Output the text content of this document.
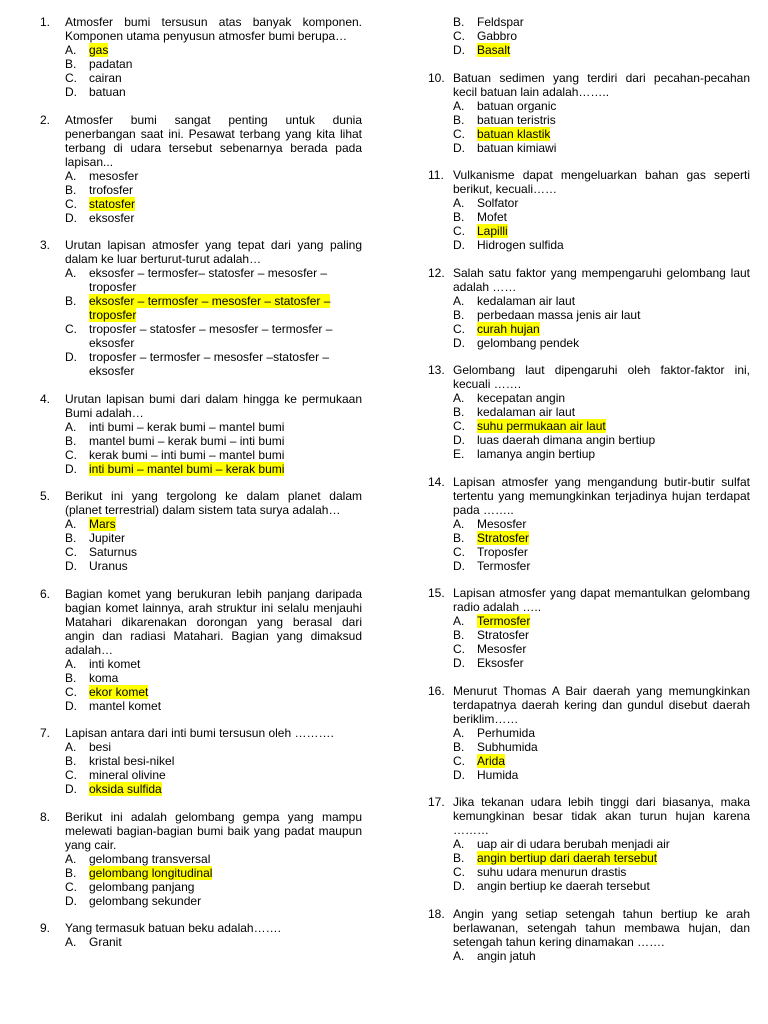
1. Atmosfer bumi tersusun atas banyak komponen. Komponen utama penyusun atmosfer bumi berupa…
A. gas
B. padatan
C. cairan
D. batuan
2. Atmosfer bumi sangat penting untuk dunia penerbangan saat ini. Pesawat terbang yang kita lihat terbang di udara tersebut sebenarnya berada pada lapisan...
A. mesosfer
B. trofosfer
C. statosfer
D. eksosfer
3. Urutan lapisan atmosfer yang tepat dari yang paling dalam ke luar berturut-turut adalah…
A. eksosfer – termosfer– statosfer – mesosfer – troposfer
B. eksosfer – termosfer – mesosfer – statosfer – troposfer
C. troposfer – statosfer – mesosfer – termosfer – eksosfer
D. troposfer – termosfer – mesosfer –statosfer – eksosfer
4. Urutan lapisan bumi dari dalam hingga ke permukaan Bumi adalah…
A. inti bumi – kerak bumi – mantel bumi
B. mantel bumi – kerak bumi – inti bumi
C. kerak bumi – inti bumi – mantel bumi
D. inti bumi – mantel bumi – kerak bumi
5. Berikut ini yang tergolong ke dalam planet dalam (planet terrestrial) dalam sistem tata surya adalah…
A. Mars
B. Jupiter
C. Saturnus
D. Uranus
6. Bagian komet yang berukuran lebih panjang daripada bagian komet lainnya, arah struktur ini selalu menjauhi Matahari dikarenakan dorongan yang berasal dari angin dan radiasi Matahari. Bagian yang dimaksud adalah…
A. inti komet
B. koma
C. ekor komet
D. mantel komet
7. Lapisan antara dari inti bumi tersusun oleh ……….
A. besi
B. kristal besi-nikel
C. mineral olivine
D. oksida sulfida
8. Berikut ini adalah gelombang gempa yang mampu melewati bagian-bagian bumi baik yang padat maupun yang cair.
A. gelombang transversal
B. gelombang longitudinal
C. gelombang panjang
D. gelombang sekunder
9. Yang termasuk batuan beku adalah…….
A. Granit
B. Feldspar
C. Gabbro
D. Basalt
10. Batuan sedimen yang terdiri dari pecahan-pecahan kecil batuan lain adalah……..
A. batuan organic
B. batuan teristris
C. batuan klastik
D. batuan kimiawi
11. Vulkanisme dapat mengeluarkan bahan gas seperti berikut, kecuali……
A. Solfator
B. Mofet
C. Lapilli
D. Hidrogen sulfida
12. Salah satu faktor yang mempengaruhi gelombang laut adalah ……
A. kedalaman air laut
B. perbedaan massa jenis air laut
C. curah hujan
D. gelombang pendek
13. Gelombang laut dipengaruhi oleh faktor-faktor ini, kecuali …….
A. kecepatan angin
B. kedalaman air laut
C. suhu permukaan air laut
D. luas daerah dimana angin bertiup
E. lamanya angin bertiup
14. Lapisan atmosfer yang mengandung butir-butir sulfat tertentu yang memungkinkan terjadinya hujan terdapat pada ……..
A. Mesosfer
B. Stratosfer
C. Troposfer
D. Termosfer
15. Lapisan atmosfer yang dapat memantulkan gelombang radio adalah …..
A. Termosfer
B. Stratosfer
C. Mesosfer
D. Eksosfer
16. Menurut Thomas A Bair daerah yang memungkinkan terdapatnya daerah kering dan gundul disebut daerah beriklim……
A. Perhumida
B. Subhumida
C. Arida
D. Humida
17. Jika tekanan udara lebih tinggi dari biasanya, maka kemungkinan besar tidak akan turun hujan karena ………
A. uap air di udara berubah menjadi air
B. angin bertiup dari daerah tersebut
C. suhu udara menurun drastis
D. angin bertiup ke daerah tersebut
18. Angin yang setiap setengah tahun bertiup ke arah berlawanan, setengah tahun membawa hujan, dan setengah tahun kering dinamakan …….
A. angin jatuh
